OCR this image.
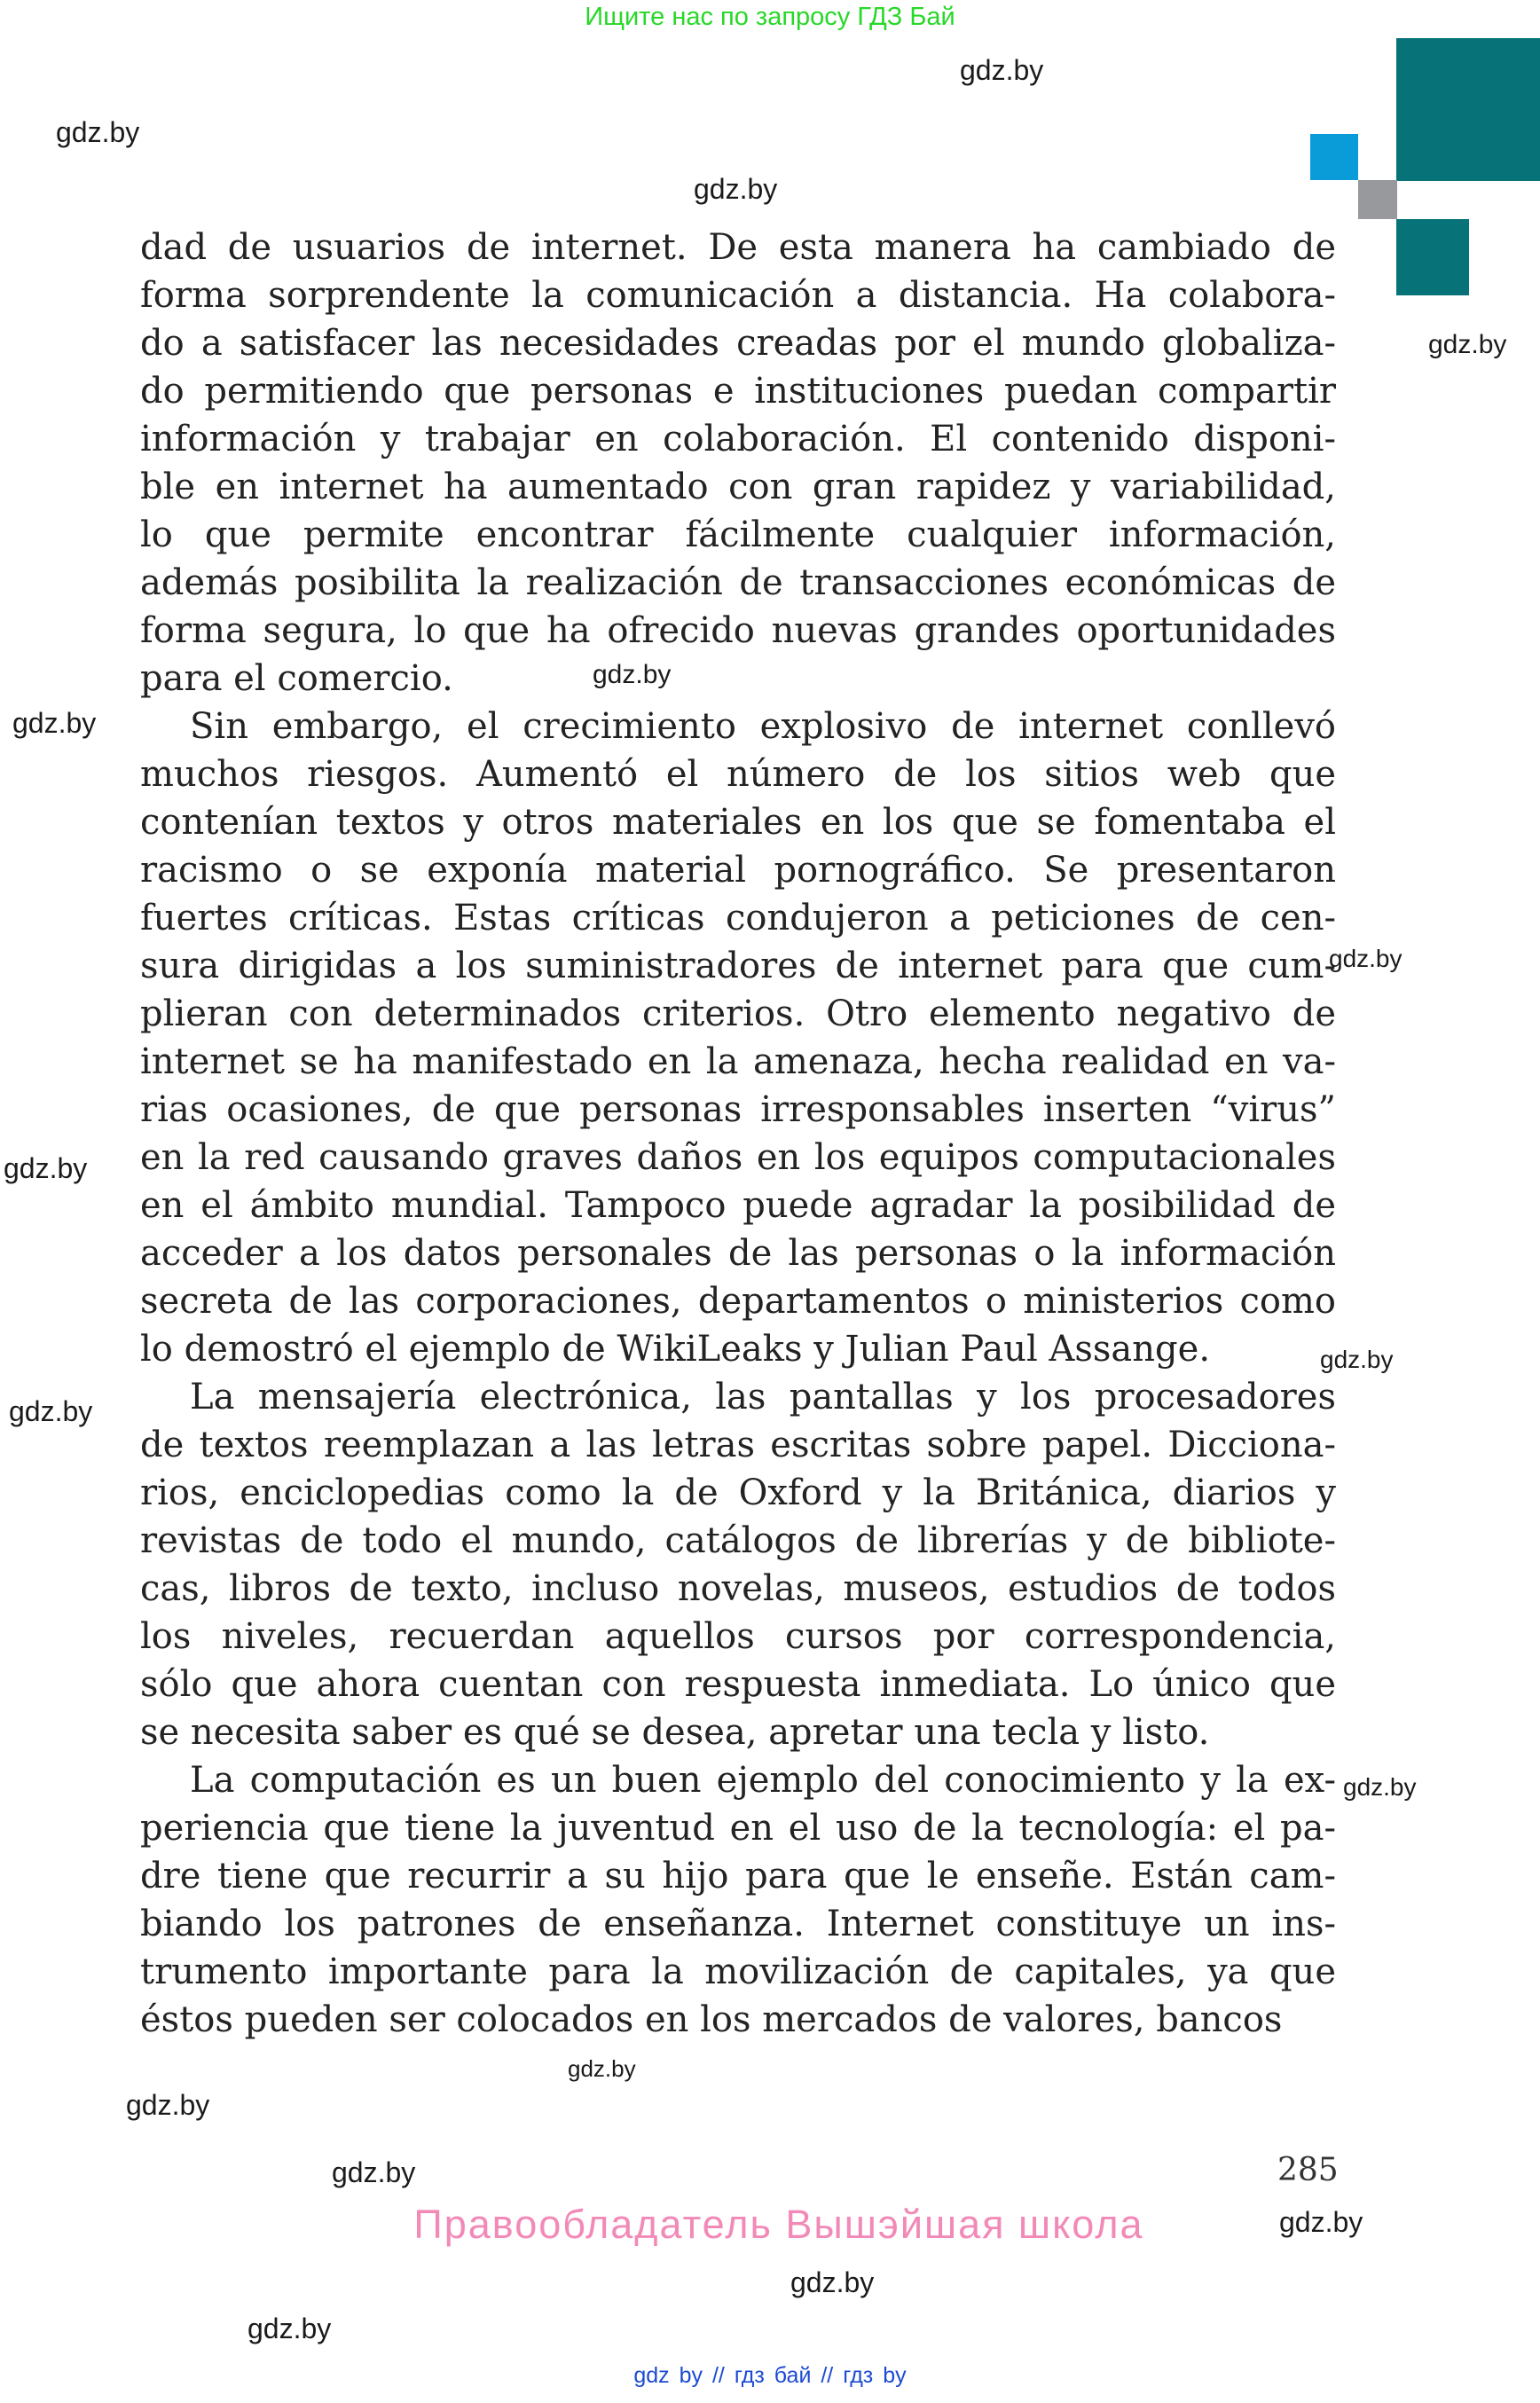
Ищите нас по запросу ГДЗ Бай
gdz.by
gdz.by
gdz.by
gdz.by
gdz.by
gdz.by
gdz.by
gdz.by
gdz.by
gdz.by
gdz.by
gdz.by
gdz.by
gdz.by
gdz.by
gdz.by
gdz.by
dad de usuarios de internet. De esta manera ha cambiado de
forma sorprendente la comunicación a distancia. Ha colabora-
do a satisfacer las necesidades creadas por el mundo globaliza-
do permitiendo que personas e instituciones puedan compartir
información y trabajar en colaboración. El contenido disponi-
ble en internet ha aumentado con gran rapidez y variabilidad,
lo que permite encontrar fácilmente cualquier información,
además posibilita la realización de transacciones económicas de
forma segura, lo que ha ofrecido nuevas grandes oportunidades
para el comercio.
Sin embargo, el crecimiento explosivo de internet conllevó
muchos riesgos. Aumentó el número de los sitios web que
contenían textos y otros materiales en los que se fomentaba el
racismo o se exponía material pornográfico. Se presentaron
fuertes críticas. Estas críticas condujeron a peticiones de cen-
sura dirigidas a los suministradores de internet para que cum-
plieran con determinados criterios. Otro elemento negativo de
internet se ha manifestado en la amenaza, hecha realidad en va-
rias ocasiones, de que personas irresponsables inserten “virus”
en la red causando graves daños en los equipos computacionales
en el ámbito mundial. Tampoco puede agradar la posibilidad de
acceder a los datos personales de las personas o la información
secreta de las corporaciones, departamentos o ministerios como
lo demostró el ejemplo de WikiLeaks y Julian Paul Assange.
La mensajería electrónica, las pantallas y los procesadores
de textos reemplazan a las letras escritas sobre papel. Dicciona-
rios, enciclopedias como la de Oxford y la Británica, diarios y
revistas de todo el mundo, catálogos de librerías y de bibliote-
cas, libros de texto, incluso novelas, museos, estudios de todos
los niveles, recuerdan aquellos cursos por correspondencia,
sólo que ahora cuentan con respuesta inmediata. Lo único que
se necesita saber es qué se desea, apretar una tecla y listo.
La computación es un buen ejemplo del conocimiento y la ex-
periencia que tiene la juventud en el uso de la tecnología: el pa-
dre tiene que recurrir a su hijo para que le enseñe. Están cam-
biando los patrones de enseñanza. Internet constituye un ins-
trumento importante para la movilización de capitales, ya que
éstos pueden ser colocados en los mercados de valores, bancos
285
Правообладатель Вышэйшая школа
gdz by // гдз бай // гдз by
